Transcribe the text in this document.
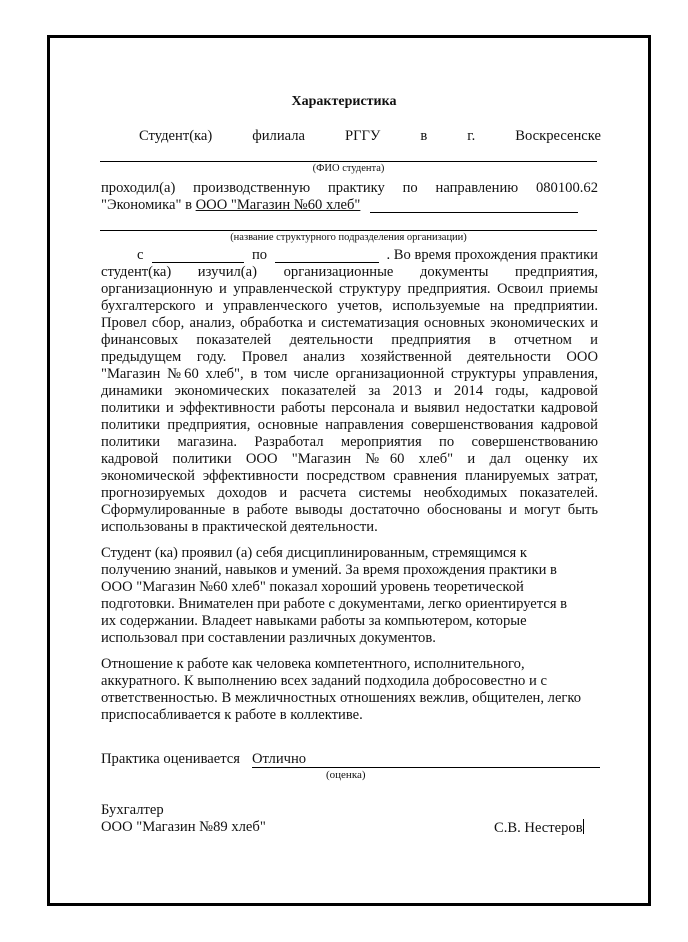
Характеристика
Студент(ка)	филиала	РГГУ	в	г.	Воскресенске
(ФИО студента)
проходил(а) производственную практику по направлению 080100.62
"Экономика" в ООО "Магазин №60 хлеб"
(название структурного подразделения организации)
с	по	. Во время прохождения практики
студент(ка) изучил(а) организационные документы предприятия,
организационную и управленческой структуру предприятия. Освоил приемы
бухгалтерского и управленческого учетов, используемые на предприятии.
Провел сбор, анализ, обработка и систематизация основных экономических и
финансовых показателей деятельности предприятия в отчетном и
предыдущем году. Провел анализ хозяйственной деятельности ООО
"Магазин №60 хлеб", в том числе организационной структуры управления,
динамики экономических показателей за 2013 и 2014 годы, кадровой
политики и эффективности работы персонала и выявил недостатки кадровой
политики предприятия, основные направления совершенствования кадровой
политики магазина. Разработал мероприятия по совершенствованию
кадровой политики ООО "Магазин №60 хлеб" и дал оценку их
экономической эффективности посредством сравнения планируемых затрат,
прогнозируемых доходов и расчета системы необходимых показателей.
Сформулированные в работе выводы достаточно обоснованы и могут быть
использованы в практической деятельности.
Студент (ка) проявил (а) себя дисциплинированным, стремящимся к
получению знаний, навыков и умений. За время прохождения практики в
ООО "Магазин №60 хлеб" показал хороший уровень теоретической
подготовки. Внимателен при работе с документами, легко ориентируется в
их содержании. Владеет навыками работы за компьютером, которые
использовал при составлении различных документов.
Отношение к работе как человека компетентного, исполнительного,
аккуратного. К выполнению всех заданий подходила добросовестно и с
ответственностью. В межличностных отношениях вежлив, общителен, легко
приспосабливается к работе в коллективе.
Практика оценивается Отлично
(оценка)
Бухгалтер
ООО "Магазин №89 хлеб"	С.В. Нестеров
